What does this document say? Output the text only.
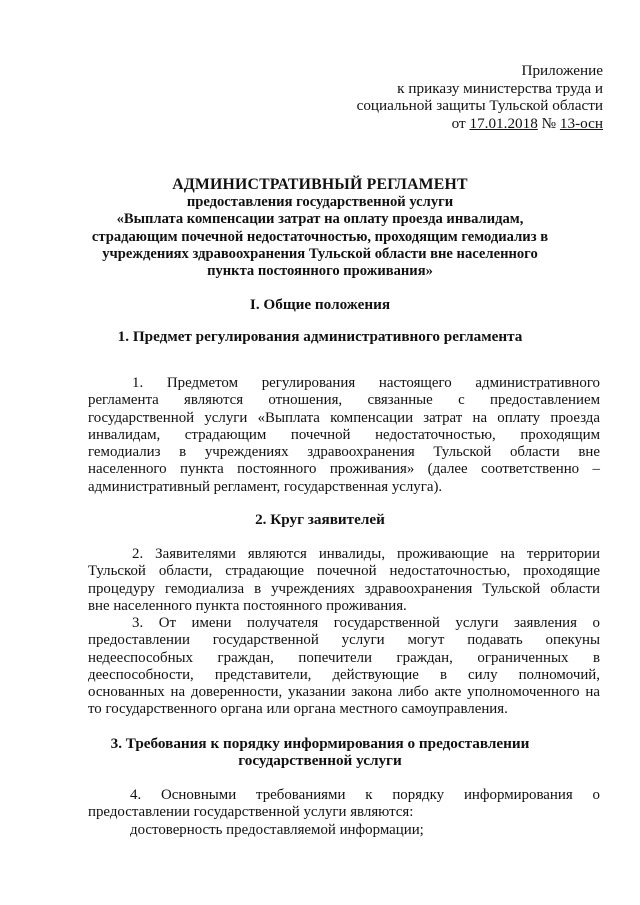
Приложение
к приказу министерства труда и
социальной защиты Тульской области
от 17.01.2018 № 13-осн
АДМИНИСТРАТИВНЫЙ РЕГЛАМЕНТ
предоставления государственной услуги
«Выплата компенсации затрат на оплату проезда инвалидам,
страдающим почечной недостаточностью, проходящим гемодиализ в
учреждениях здравоохранения Тульской области вне населенного
пункта постоянного проживания»
I. Общие положения
1. Предмет регулирования административного регламента
1. Предметом регулирования настоящего административного
регламента являются отношения, связанные с предоставлением
государственной услуги «Выплата компенсации затрат на оплату проезда
инвалидам, страдающим почечной недостаточностью, проходящим
гемодиализ в учреждениях здравоохранения Тульской области вне
населенного пункта постоянного проживания» (далее соответственно –
административный регламент, государственная услуга).
2. Круг заявителей
2. Заявителями являются инвалиды, проживающие на территории
Тульской области, страдающие почечной недостаточностью, проходящие
процедуру гемодиализа в учреждениях здравоохранения Тульской области
вне населенного пункта постоянного проживания.
3. От имени получателя государственной услуги заявления о
предоставлении государственной услуги могут подавать опекуны
недееспособных граждан, попечители граждан, ограниченных в
дееспособности, представители, действующие в силу полномочий,
основанных на доверенности, указании закона либо акте уполномоченного на
то государственного органа или органа местного самоуправления.
3. Требования к порядку информирования о предоставлении
государственной услуги
4. Основными требованиями к порядку информирования о
предоставлении государственной услуги являются:
достоверность предоставляемой информации;
